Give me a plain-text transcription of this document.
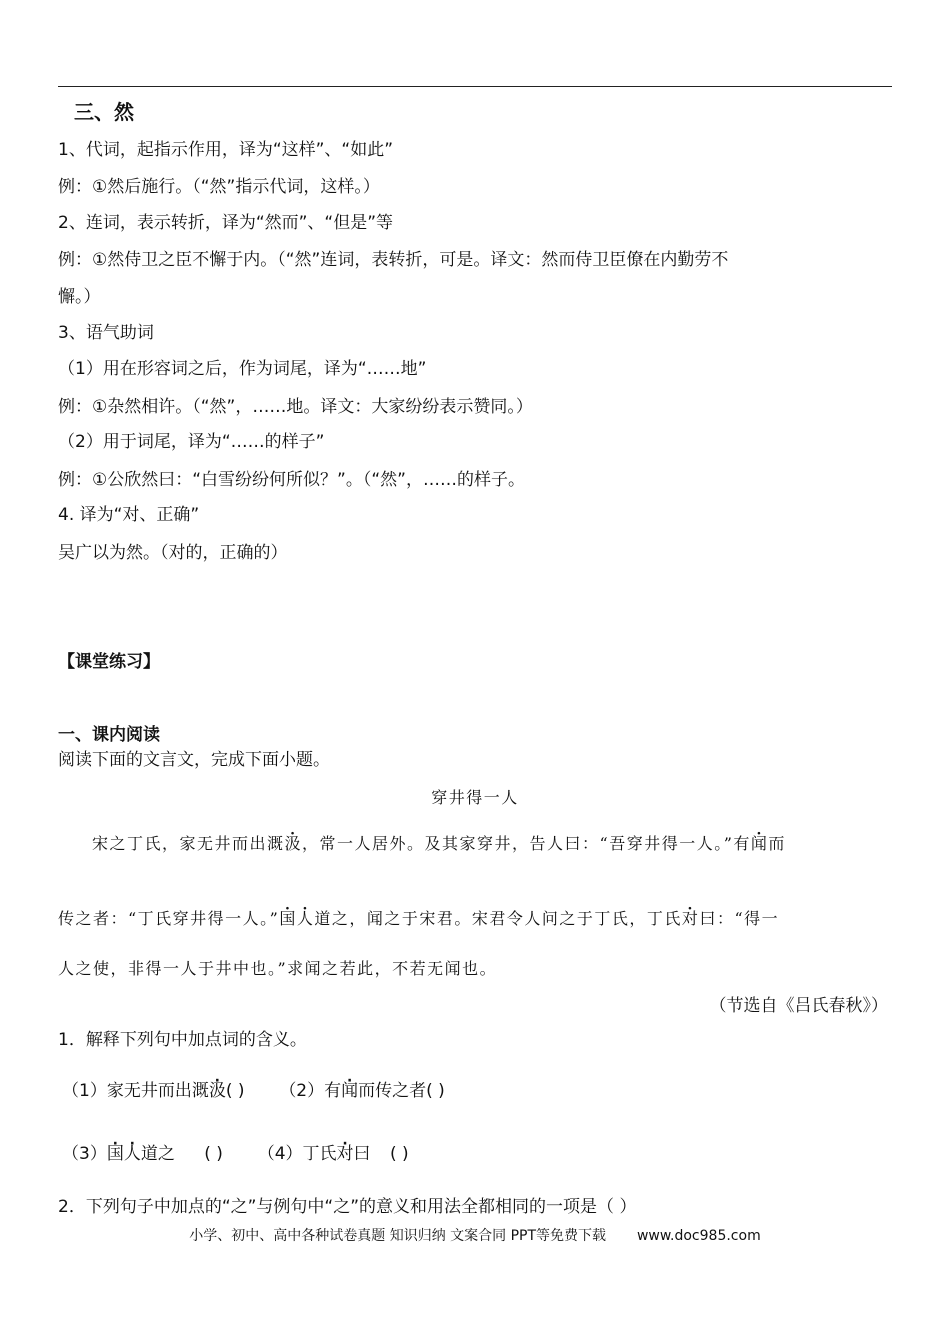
三、然
1、代词，起指示作用，译为“这样”、“如此”
例：①然后施行。（“然”指示代词，这样。）
2、连词，表示转折，译为“然而”、“但是”等
例：①然侍卫之臣不懈于内。（“然”连词，表转折，可是。译文：然而侍卫臣僚在内勤劳不
懈。）
3、语气助词
（1）用在形容词之后，作为词尾，译为“……地”
例：①杂然相许。（“然”，……地。译文：大家纷纷表示赞同。）
（2）用于词尾，译为“……的样子”
例：①公欣然曰：“白雪纷纷何所似？”。（“然”，……的样子。
4. 译为“对、正确”
吴广以为然。（对的，正确的）
【课堂练习】
一、课内阅读
阅读下面的文言文，完成下面小题。
穿井得一人
宋之丁氏，家无井而出溉汲，常一人居外。及其家穿井，告人曰：“吾穿井得一人。”有闻而
传之者：“丁氏穿井得一人。”国人道之，闻之于宋君。宋君令人问之于丁氏，丁氏对曰：“得一
人之使，非得一人于井中也。”求闻之若此，不若无闻也。
（节选自《吕氏春秋》）
1．解释下列句中加点词的含义。
（1）家无井而出溉汲( ) （2）有闻而传之者( )
（3）国人道之 ( ) （4）丁氏对曰 ( )
2．下列句子中加点的“之”与例句中“之”的意义和用法全都相同的一项是（ ）
小学、初中、高中各种试卷真题 知识归纳 文案合同 PPT等免费下载 www.doc985.com
